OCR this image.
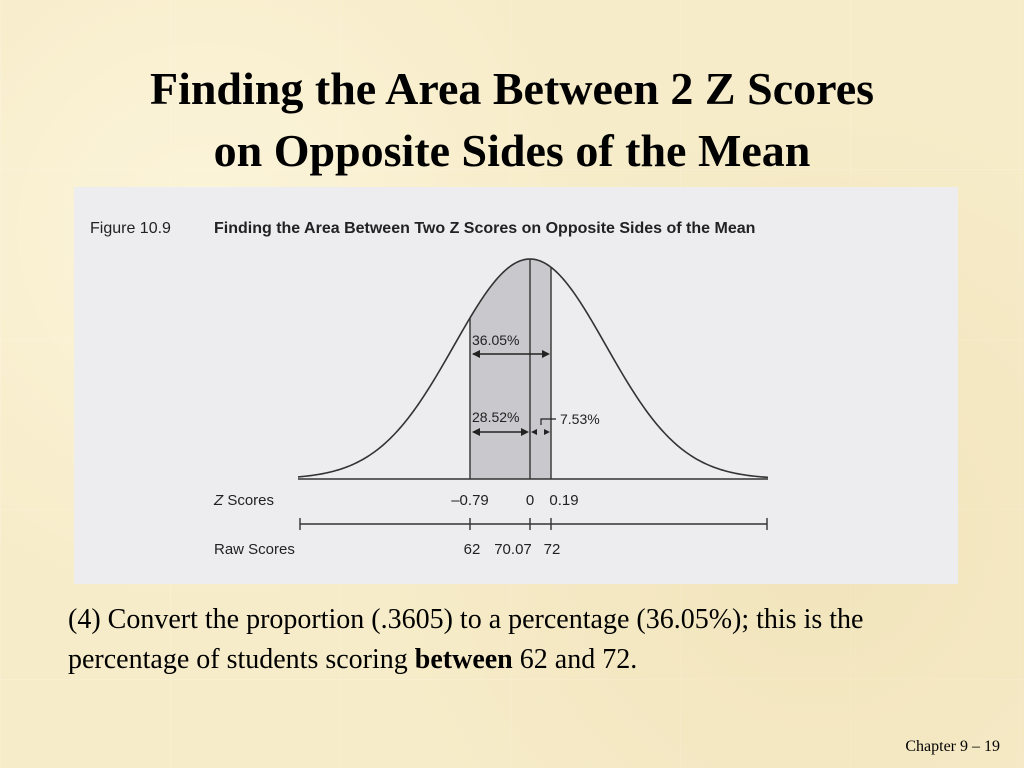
Finding the Area Between 2 Z Scores
on Opposite Sides of the Mean
Figure 10.9	Finding the Area Between Two Z Scores on Opposite Sides of the Mean
36.05%
28.52%	7.53%
Z Scores	–0.79 0 0.19
Raw Scores	62 70.07 72
(4) Convert the proportion (.3605) to a percentage (36.05%); this is the percentage of students scoring between 62 and 72.
Chapter 9 – 19
